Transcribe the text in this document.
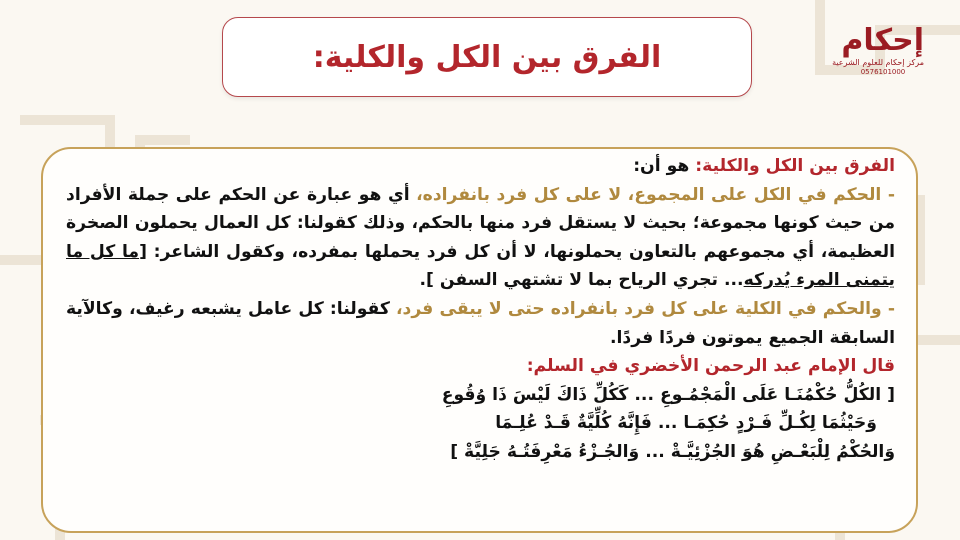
الفرق بين الكل والكلية:	إحكام
مركز إحكام للعلوم الشرعية
0576101000

الفرق بين الكل والكلية: هو أن:

- الحكم في الكل على المجموع، لا على كل فرد بانفراده، أي هو عبارة عن الحكم على جملة الأفراد من حيث كونها مجموعة؛ بحيث لا يستقل فرد منها بالحكم، وذلك كقولنا: كل العمال يحملون الصخرة العظيمة، أي مجموعهم بالتعاون يحملونها، لا أن كل فرد يحملها بمفرده، وكقول الشاعر: [ما كل ما يتمنى المرء يُدركه... تجري الرياح بما لا تشتهي السفن ].

- والحكم في الكلية على كل فرد بانفراده حتى لا يبقى فرد، كقولنا: كل عامل يشبعه رغيف، وكالآية السابقة الجميع يموتون فردًا فردًا.

قال الإمام عبد الرحمن الأخضري في السلم:

[ الكُلُّ حُكْمُنَـا عَلَى الْمَجْمُـوعِ ... كَكُلِّ ذَاكَ لَيْسَ ذَا وُقُوعِ

وَحَيْثُمَا لِكُـلِّ فَـرْدٍ حُكِمَـا ... فَإِنَّهُ كُلِّيَّةٌ قَـدْ عُلِـمَا

وَالحُكْمُ لِلْبَعْـضِ هُوَ الجُزْئِيَّـةْ ... وَالجُـزْءُ مَعْرِفَتُـهُ جَلِيَّةْ ]
